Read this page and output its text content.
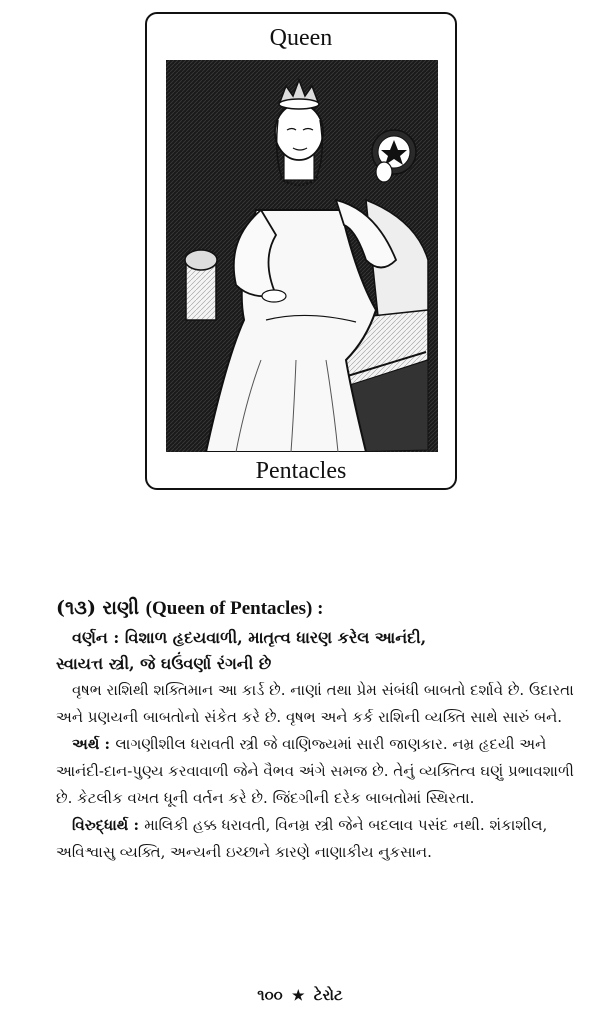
Queen
Pentacles
(૧૩) રાણી (Queen of Pentacles) :
વર્ણન : વિશાળ હૃદયવાળી, માતૃત્વ ધારણ કરેલ આનંદી,
સ્વાયત્ત સ્ત્રી, જે ઘઉંવર્ણા રંગની છે

વૃષભ રાશિથી શક્તિમાન આ કાર્ડ છે. નાણાં તથા પ્રેમ સંબંધી બાબતો દર્શાવે છે. ઉદારતા અને પ્રણયની બાબતોનો સંકેત કરે છે. વૃષભ અને કર્ક રાશિની વ્યક્તિ સાથે સારું બને.

અર્થ : લાગણીશીલ ધરાવતી સ્ત્રી જે વાણિજ્યમાં સારી જાણકાર. નમ્ર હૃદયી અને આનંદી-દાન-પુણ્ય કરવાવાળી જેને વૈભવ અંગે સમજ છે. તેનું વ્યક્તિત્વ ઘણું પ્રભાવશાળી છે. કેટલીક વખત ધૂની વર્તન કરે છે. જિંદગીની દરેક બાબતોમાં સ્થિરતા.

વિરુદ્ધાર્થ : માલિકી હક્ક ધરાવતી, વિનમ્ર સ્ત્રી જેને બદલાવ પસંદ નથી. શંકાશીલ, અવિશ્વાસુ વ્યક્તિ, અન્યની ઇચ્છાને કારણે નાણાકીય નુકસાન.

૧૦૦ ★ ટેરોટ
